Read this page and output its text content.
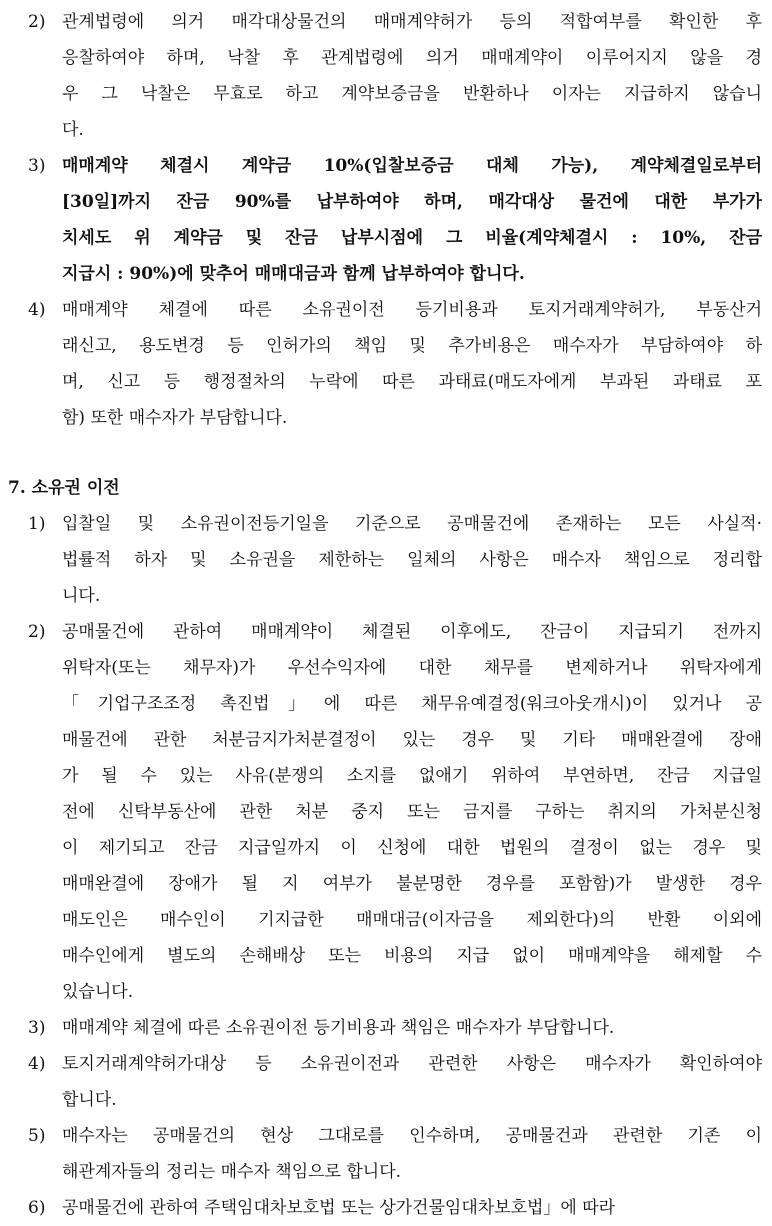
2) 관계법령에 의거 매각대상물건의 매매계약허가 등의 적합여부를 확인한 후
응찰하여야 하며, 낙찰 후 관계법령에 의거 매매계약이 이루어지지 않을 경
우 그 낙찰은 무효로 하고 계약보증금을 반환하나 이자는 지급하지 않습니
다.
3) 매매계약 체결시 계약금 10%(입찰보증금 대체 가능), 계약체결일로부터
[30일]까지 잔금 90%를 납부하여야 하며, 매각대상 물건에 대한 부가가
치세도 위 계약금 및 잔금 납부시점에 그 비율(계약체결시 : 10%, 잔금
지급시 : 90%)에 맞추어 매매대금과 함께 납부하여야 합니다.
4) 매매계약 체결에 따른 소유권이전 등기비용과 토지거래계약허가, 부동산거
래신고, 용도변경 등 인허가의 책임 및 추가비용은 매수자가 부담하여야 하
며, 신고 등 행정절차의 누락에 따른 과태료(매도자에게 부과된 과태료 포
함) 또한 매수자가 부담합니다.
7. 소유권 이전
1) 입찰일 및 소유권이전등기일을 기준으로 공매물건에 존재하는 모든 사실적·
법률적 하자 및 소유권을 제한하는 일체의 사항은 매수자 책임으로 정리합
니다.
2) 공매물건에 관하여 매매계약이 체결된 이후에도, 잔금이 지급되기 전까지
위탁자(또는 채무자)가 우선수익자에 대한 채무를 변제하거나 위탁자에게
「기업구조조정 촉진법」에 따른 채무유예결정(워크아웃개시)이 있거나 공
매물건에 관한 처분금지가처분결정이 있는 경우 및 기타 매매완결에 장애
가 될 수 있는 사유(분쟁의 소지를 없애기 위하여 부연하면, 잔금 지급일
전에 신탁부동산에 관한 처분 중지 또는 금지를 구하는 취지의 가처분신청
이 제기되고 잔금 지급일까지 이 신청에 대한 법원의 결정이 없는 경우 및
매매완결에 장애가 될 지 여부가 불분명한 경우를 포함함)가 발생한 경우
매도인은 매수인이 기지급한 매매대금(이자금을 제외한다)의 반환 이외에
매수인에게 별도의 손해배상 또는 비용의 지급 없이 매매계약을 해제할 수
있습니다.
3) 매매계약 체결에 따른 소유권이전 등기비용과 책임은 매수자가 부담합니다.
4) 토지거래계약허가대상 등 소유권이전과 관련한 사항은 매수자가 확인하여야
합니다.
5) 매수자는 공매물건의 현상 그대로를 인수하며, 공매물건과 관련한 기존 이
해관계자들의 정리는 매수자 책임으로 합니다.
6) 공매물건에 관하여 주택임대차보호법 또는 상가건물임대차보호법」에 따라
